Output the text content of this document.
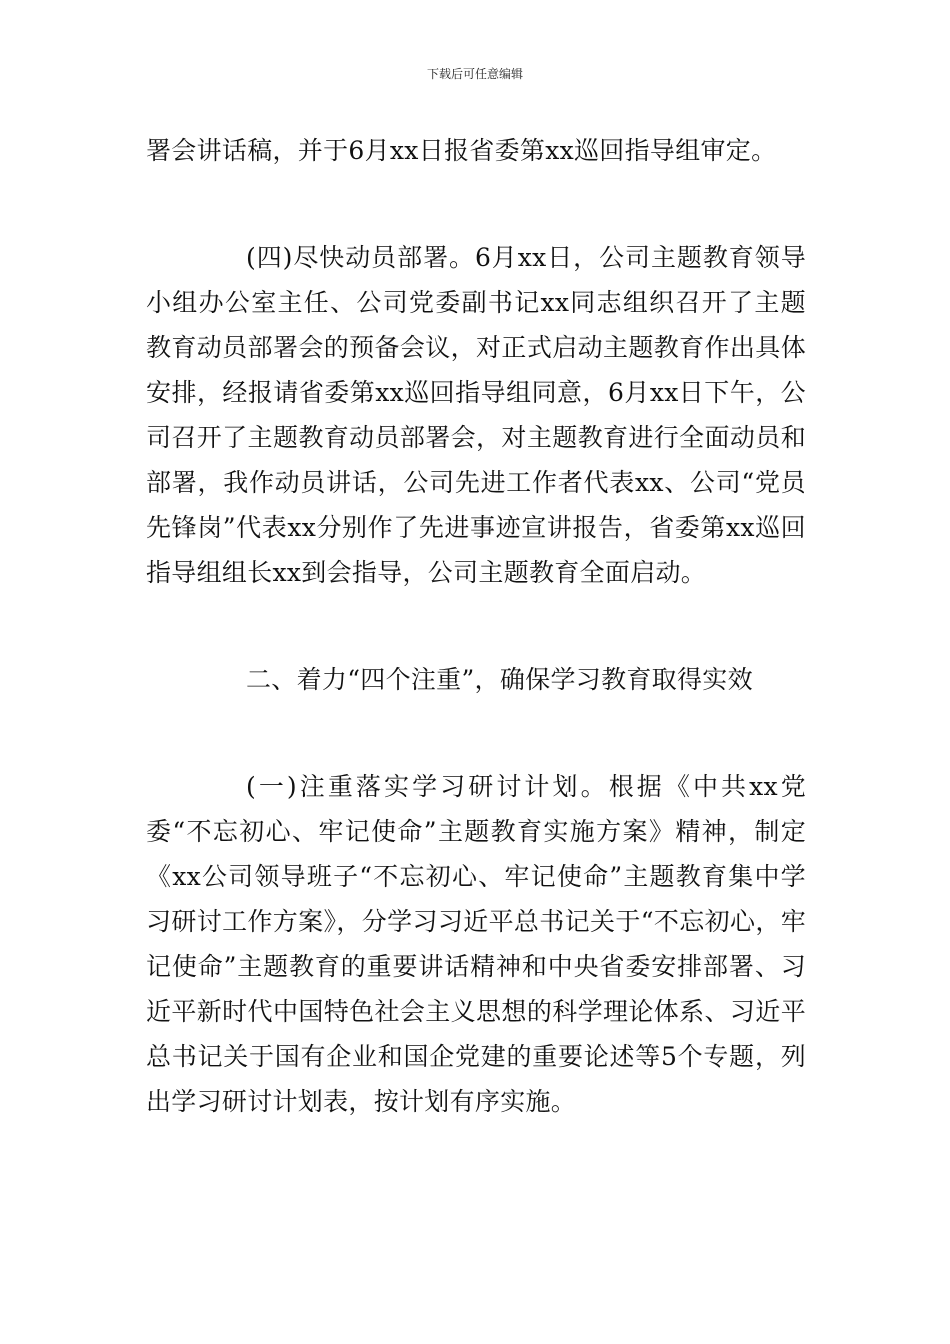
下载后可任意编辑

署会讲话稿，并于6月xx日报省委第xx巡回指导组审定。

(四)尽快动员部署。6月xx日，公司主题教育领导小组办公室主任、公司党委副书记xx同志组织召开了主题教育动员部署会的预备会议，对正式启动主题教育作出具体安排，经报请省委第xx巡回指导组同意，6月xx日下午，公司召开了主题教育动员部署会，对主题教育进行全面动员和部署，我作动员讲话，公司先进工作者代表xx、公司“党员先锋岗”代表xx分别作了先进事迹宣讲报告，省委第xx巡回指导组组长xx到会指导，公司主题教育全面启动。

二、着力“四个注重”，确保学习教育取得实效

(一)注重落实学习研讨计划。根据《中共xx党委“不忘初心、牢记使命”主题教育实施方案》精神，制定《xx公司领导班子“不忘初心、牢记使命”主题教育集中学习研讨工作方案》，分学习习近平总书记关于“不忘初心，牢记使命”主题教育的重要讲话精神和中央省委安排部署、习近平新时代中国特色社会主义思想的科学理论体系、习近平总书记关于国有企业和国企党建的重要论述等5个专题，列出学习研讨计划表，按计划有序实施。
